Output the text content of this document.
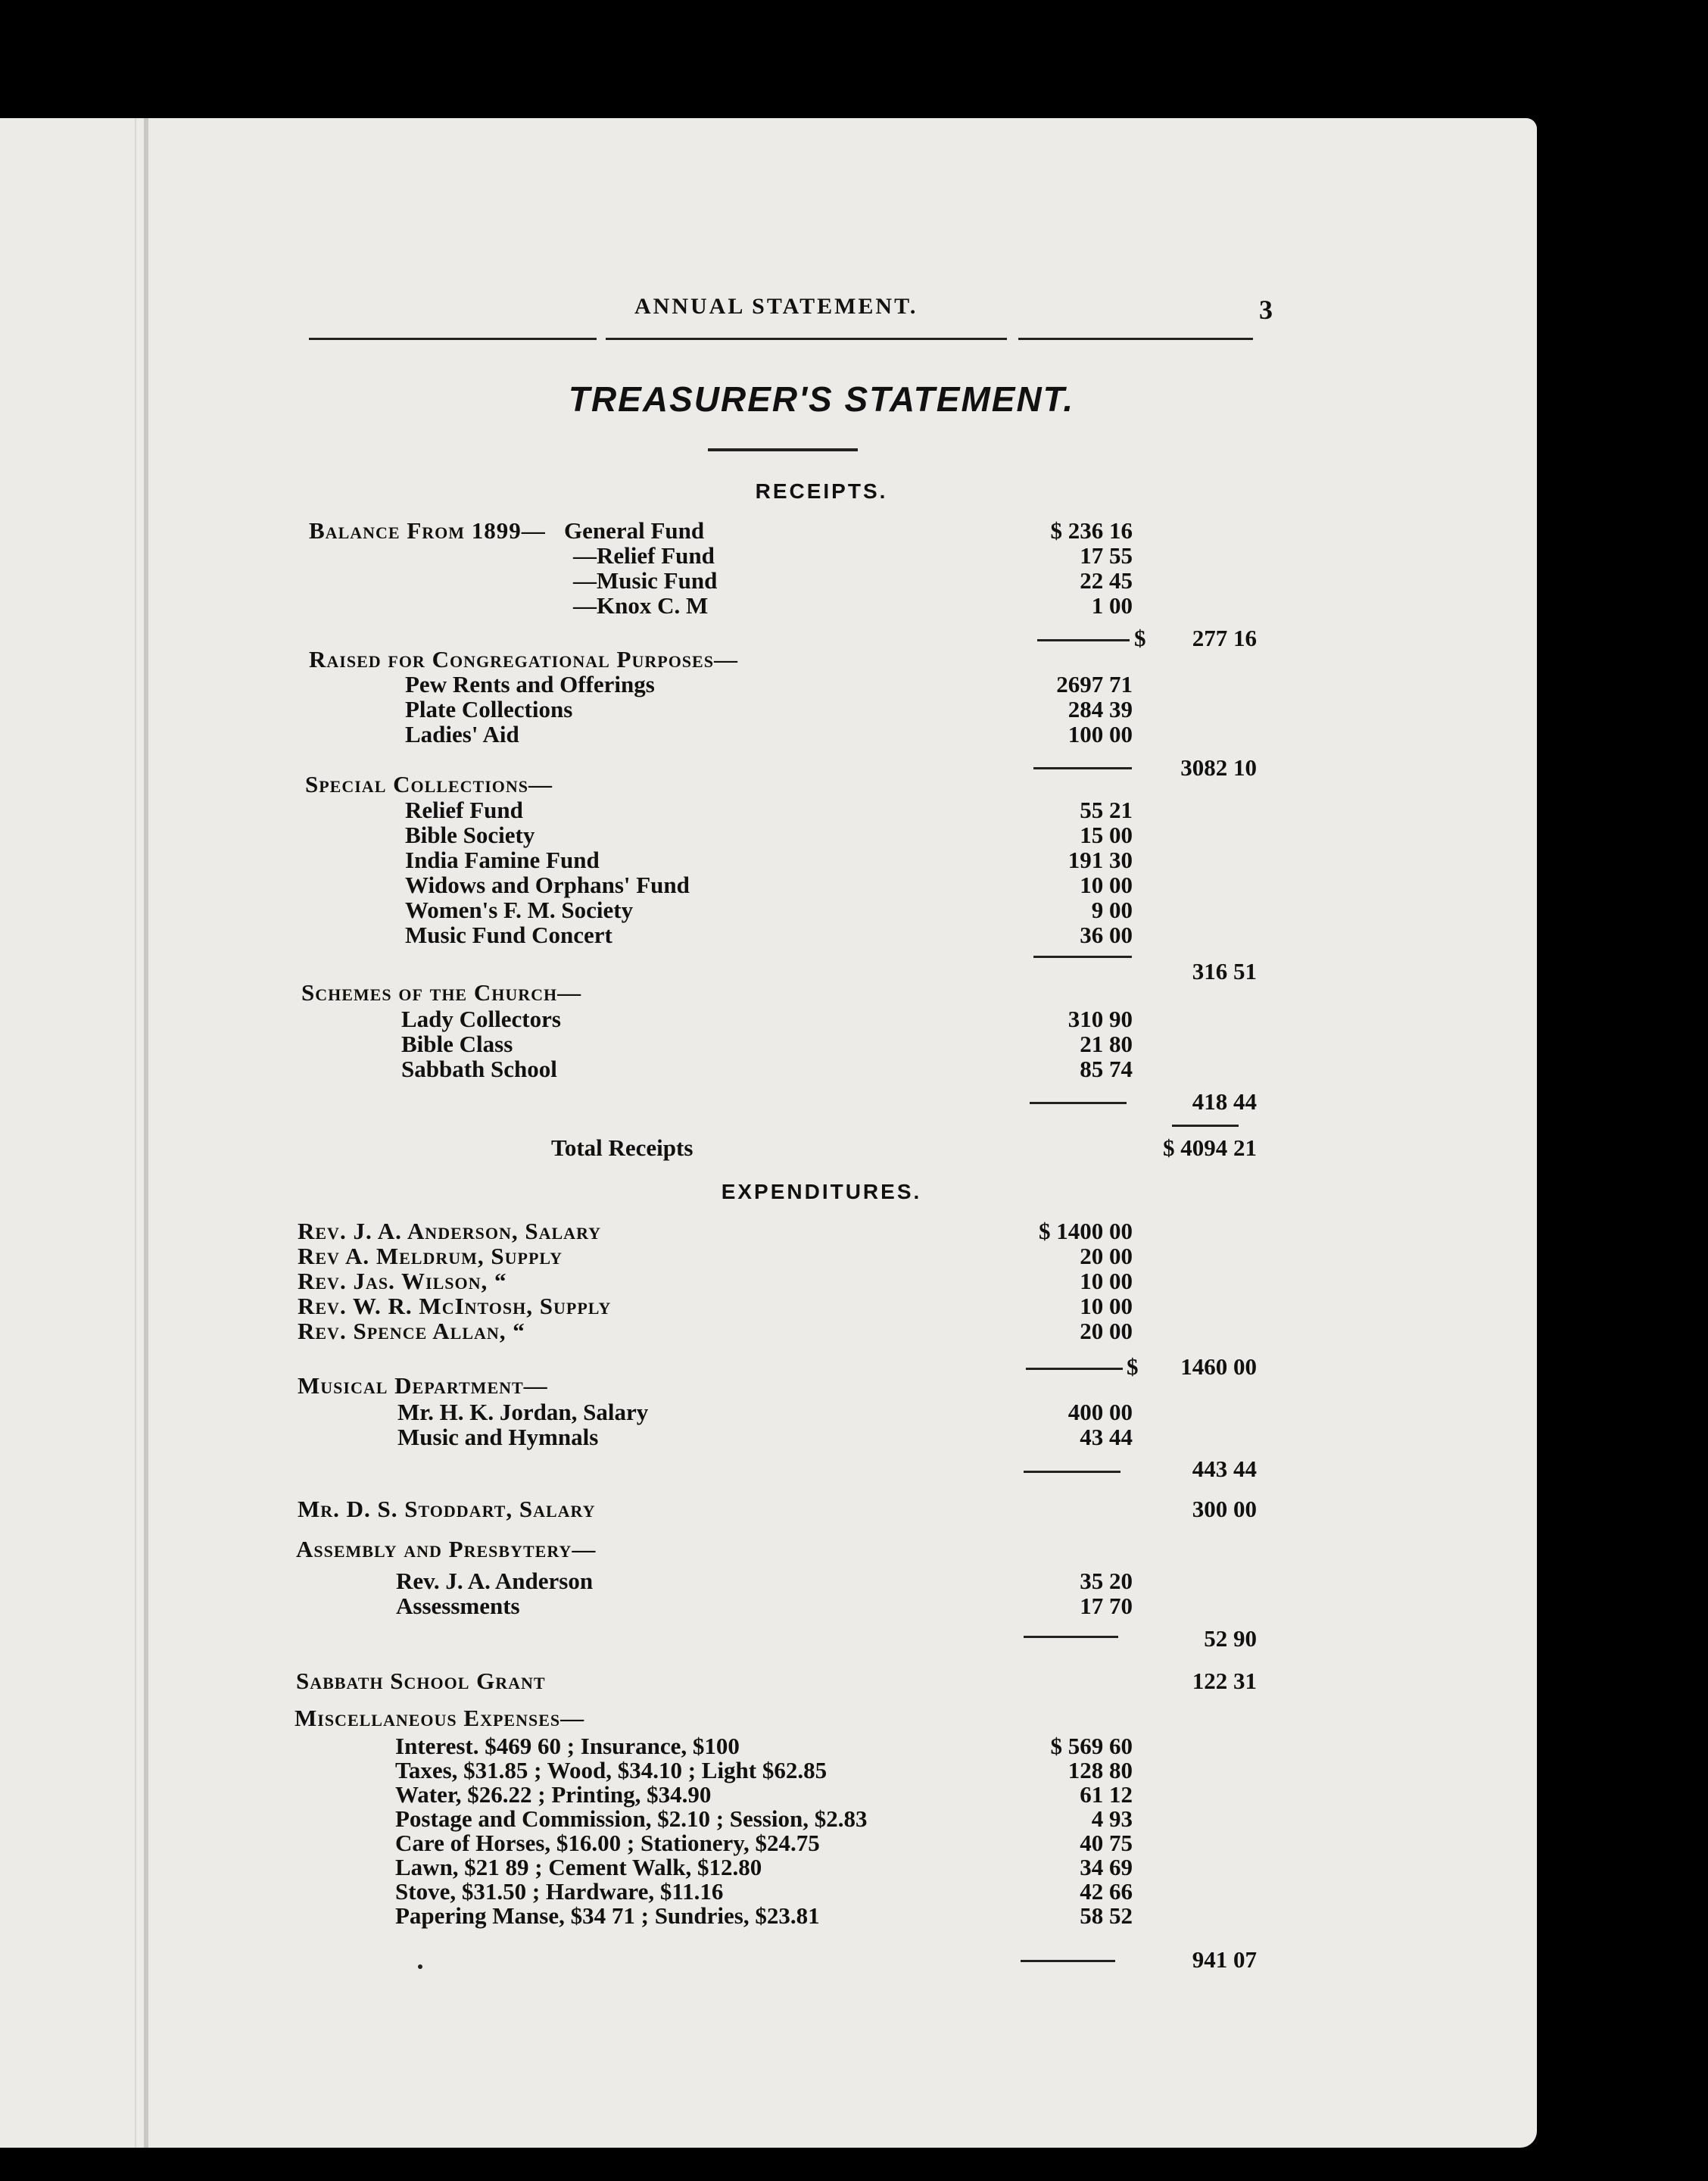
ANNUAL STATEMENT.	3
TREASURER'S STATEMENT.
RECEIPTS.
Balance From 1899— General Fund	$ 236 16
—Relief Fund	17 55
—Music Fund	22 45
—Knox C. M	1 00
$	277 16
Raised for Congregational Purposes—
Pew Rents and Offerings	2697 71
Plate Collections	284 39
Ladies' Aid	100 00
3082 10
Special Collections—
Relief Fund	55 21
Bible Society	15 00
India Famine Fund	191 30
Widows and Orphans' Fund	10 00
Women's F. M. Society	9 00
Music Fund Concert	36 00
316 51
Schemes of the Church—
Lady Collectors	310 90
Bible Class	21 80
Sabbath School	85 74
418 44
Total Receipts	$ 4094 21
EXPENDITURES.
Rev. J. A. Anderson, Salary	$ 1400 00
Rev A. Meldrum, Supply	20 00
Rev. Jas. Wilson, “	10 00
Rev. W. R. McIntosh, Supply	10 00
Rev. Spence Allan, “	20 00
$	1460 00
Musical Department—
Mr. H. K. Jordan, Salary	400 00
Music and Hymnals	43 44
443 44
Mr. D. S. Stoddart, Salary	300 00
Assembly and Presbytery—
Rev. J. A. Anderson	35 20
Assessments	17 70
52 90
Sabbath School Grant	122 31
Miscellaneous Expenses—
Interest. $469 60 ; Insurance, $100	$ 569 60
Taxes, $31.85 ; Wood, $34.10 ; Light $62.85	128 80
Water, $26.22 ; Printing, $34.90	61 12
Postage and Commission, $2.10 ; Session, $2.83	4 93
Care of Horses, $16.00 ; Stationery, $24.75	40 75
Lawn, $21 89 ; Cement Walk, $12.80	34 69
Stove, $31.50 ; Hardware, $11.16	42 66
Papering Manse, $34 71 ; Sundries, $23.81	58 52
941 07
